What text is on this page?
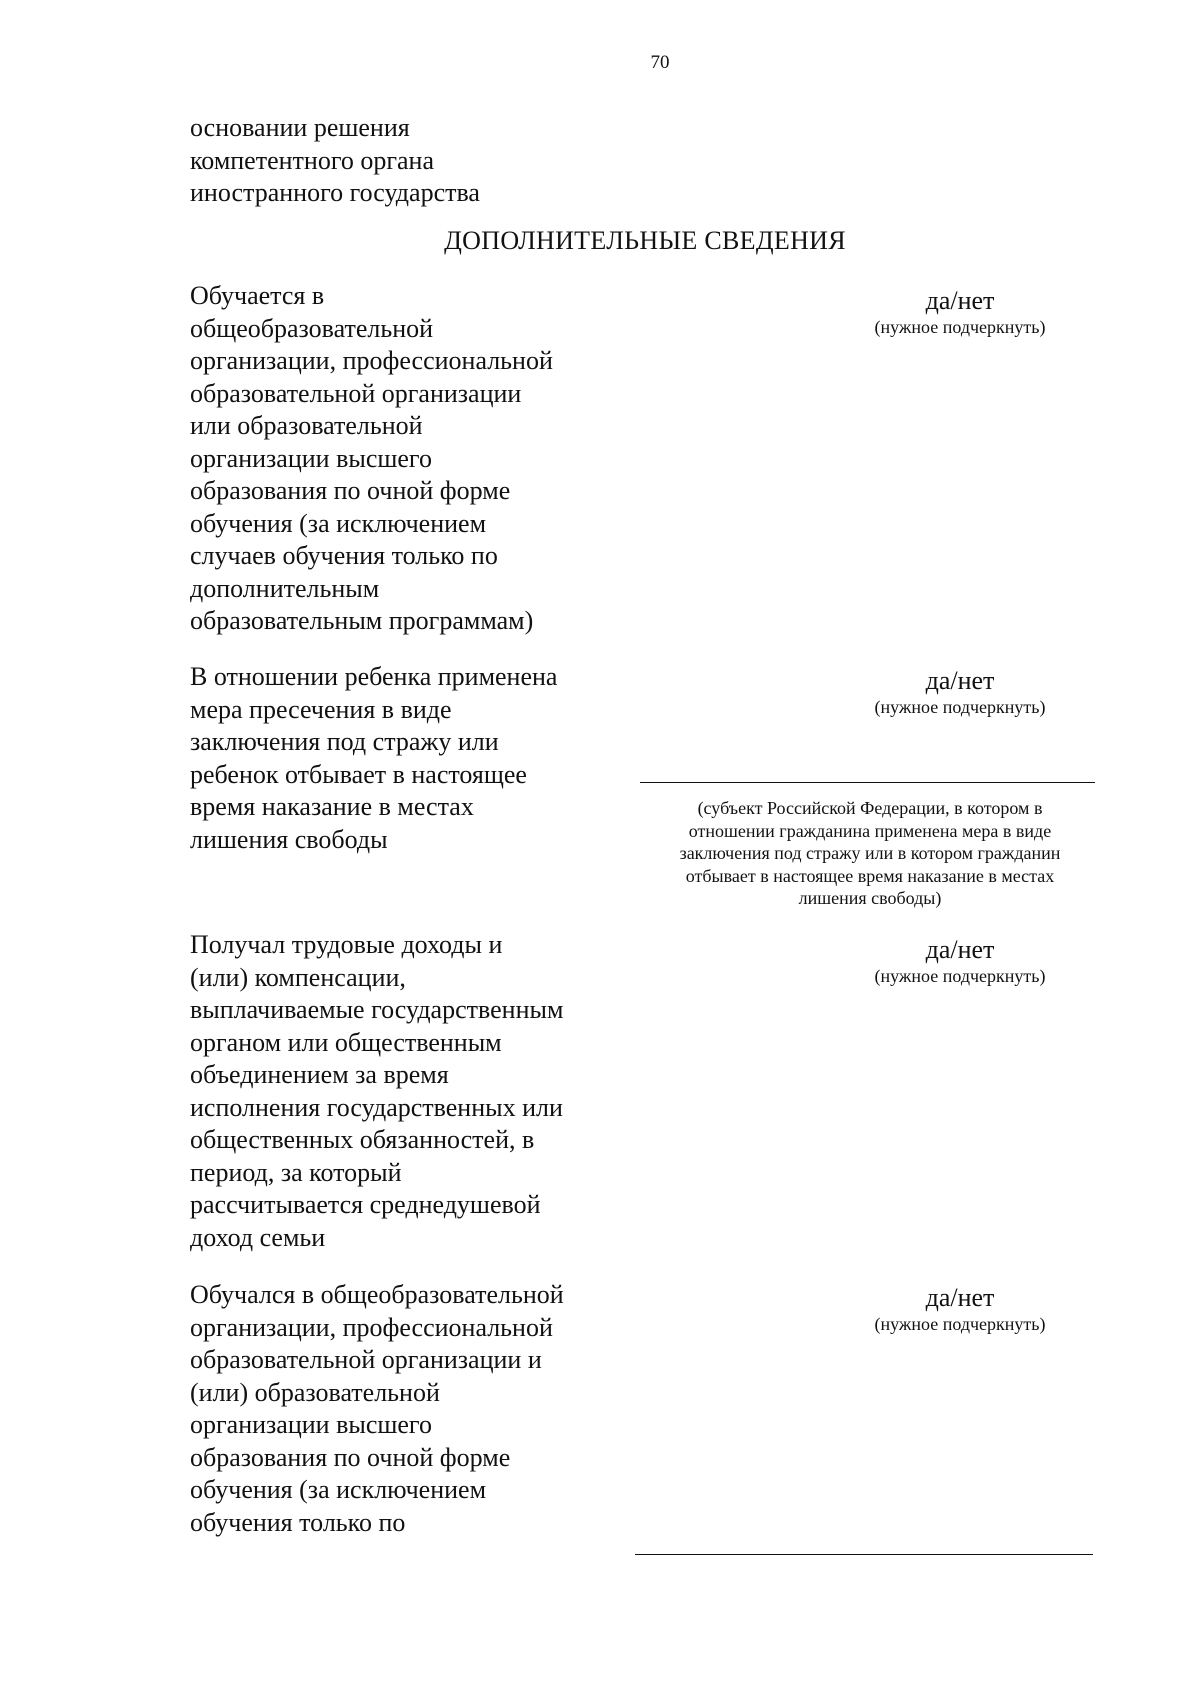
70
основании решения
компетентного органа
иностранного государства
ДОПОЛНИТЕЛЬНЫЕ СВЕДЕНИЯ
Обучается в
общеобразовательной
организации, профессиональной
образовательной организации
или образовательной
организации высшего
образования по очной форме
обучения (за исключением
случаев обучения только по
дополнительным
образовательным программам)
да/нет
(нужное подчеркнуть)
В отношении ребенка применена
мера пресечения в виде
заключения под стражу или
ребенок отбывает в настоящее
время наказание в местах
лишения свободы
да/нет
(нужное подчеркнуть)
(субъект Российской Федерации, в котором в
отношении гражданина применена мера в виде
заключения под стражу или в котором гражданин
отбывает в настоящее время наказание в местах
лишения свободы)
Получал трудовые доходы и
(или) компенсации,
выплачиваемые государственным
органом или общественным
объединением за время
исполнения государственных или
общественных обязанностей, в
период, за который
рассчитывается среднедушевой
доход семьи
да/нет
(нужное подчеркнуть)
Обучался в общеобразовательной
организации, профессиональной
образовательной организации и
(или) образовательной
организации высшего
образования по очной форме
обучения (за исключением
обучения только по
да/нет
(нужное подчеркнуть)
